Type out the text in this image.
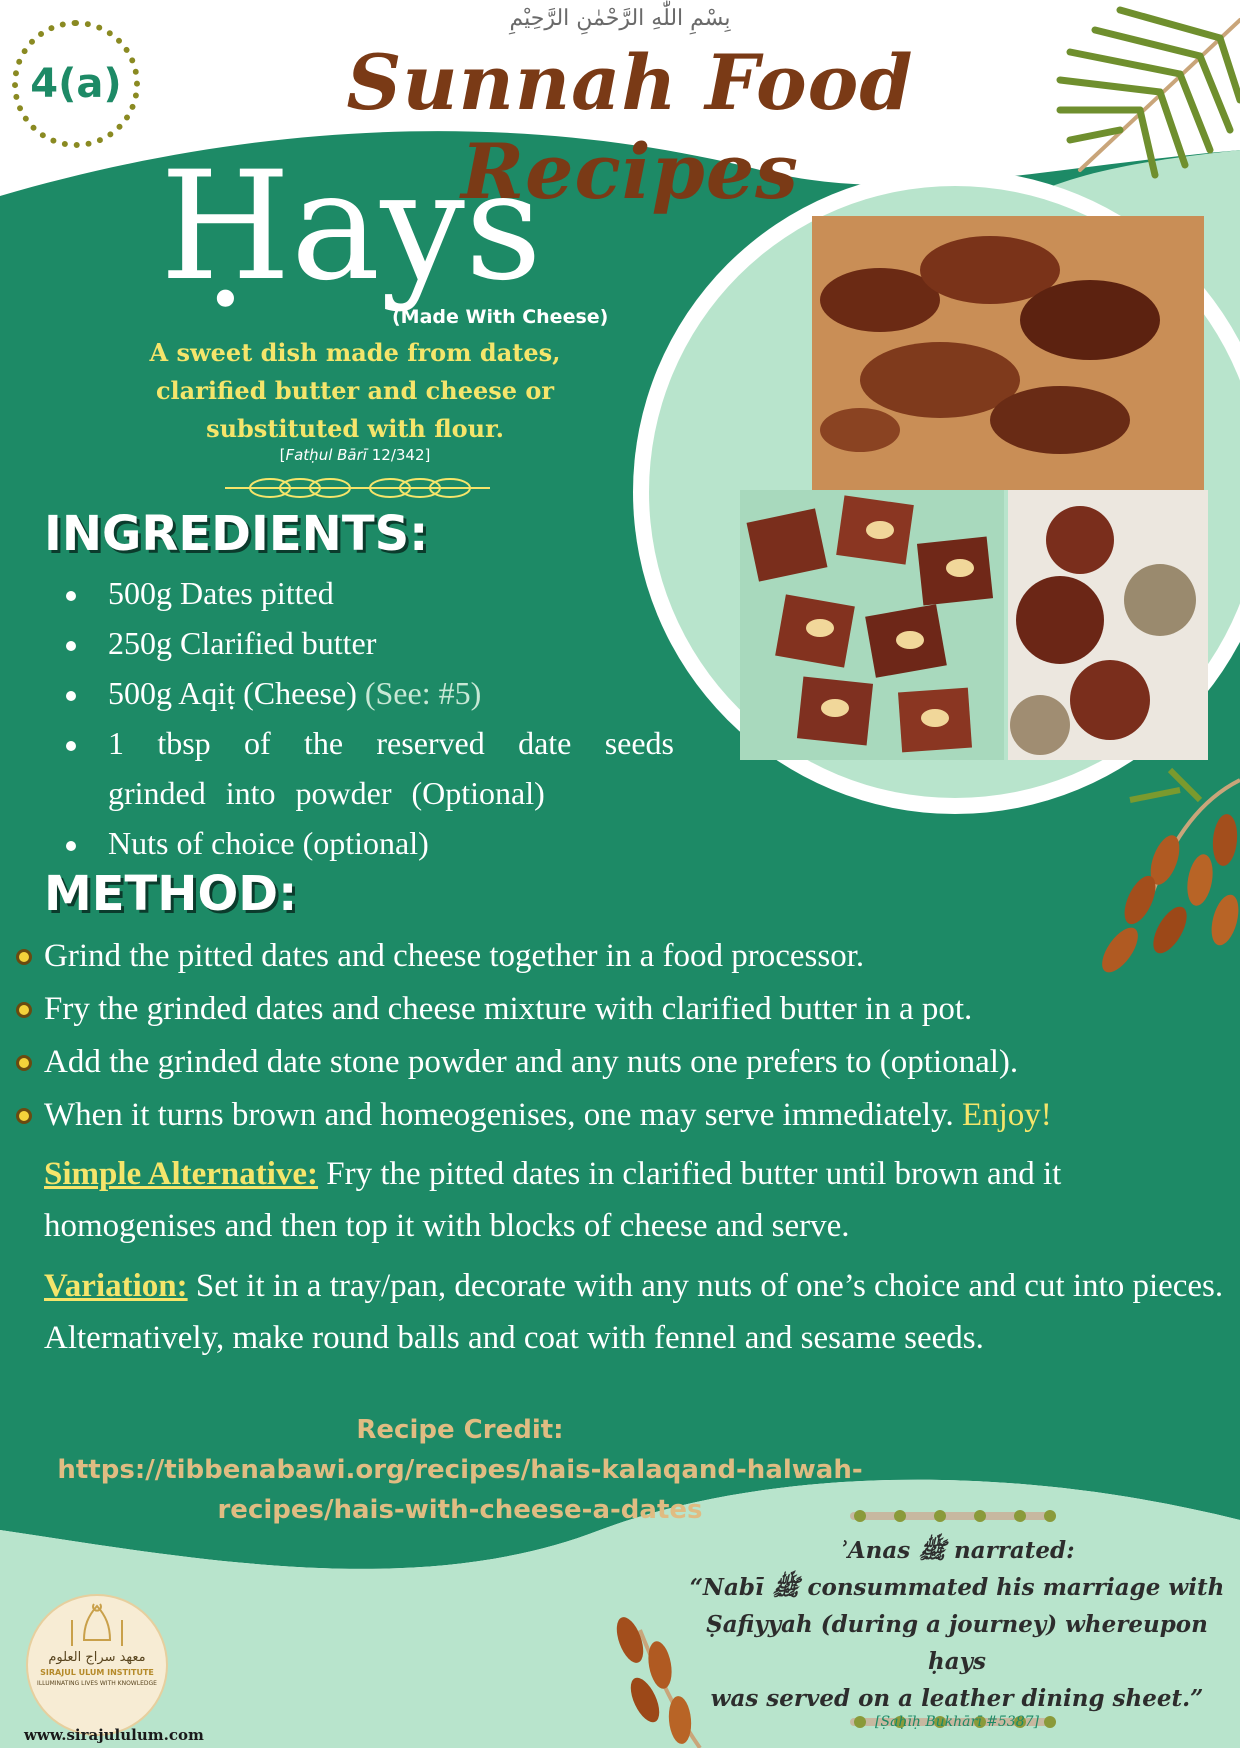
بِسْمِ اللّٰهِ الرَّحْمٰنِ الرَّحِيْمِ
4(a)	Sunnah Food Recipes
Ḥays
(Made With Cheese)
A sweet dish made from dates, clarified butter and cheese or substituted with flour.
[Fatḥul Bārī 12/342]
INGREDIENTS:
500g Dates pitted
250g Clarified butter
500g Aqiṭ (Cheese) (See: #5)
1 tbsp of the reserved date seeds grinded into powder (Optional)
Nuts of choice (optional)
METHOD:
Grind the pitted dates and cheese together in a food processor.
Fry the grinded dates and cheese mixture with clarified butter in a pot.
Add the grinded date stone powder and any nuts one prefers to (optional).
When it turns brown and homeogenises, one may serve immediately. Enjoy!
Simple Alternative: Fry the pitted dates in clarified butter until brown and it homogenises and then top it with blocks of cheese and serve.
Variation: Set it in a tray/pan, decorate with any nuts of one’s choice and cut into pieces. Alternatively, make round balls and coat with fennel and sesame seeds.
Recipe Credit:
https://tibbenabawi.org/recipes/hais-kalaqand-halwah-
recipes/hais-with-cheese-a-dates
ʾAnas ﷺ narrated:
“Nabī ﷺ consummated his marriage with
Ṣafiyyah (during a journey) whereupon ḥays
was served on a leather dining sheet.”
[Ṣaḥīḥ Bukhārī #5387]
معهد سراج العلوم
SIRAJUL ULUM INSTITUTE
ILLUMINATING LIVES WITH KNOWLEDGE
www.sirajululum.com
